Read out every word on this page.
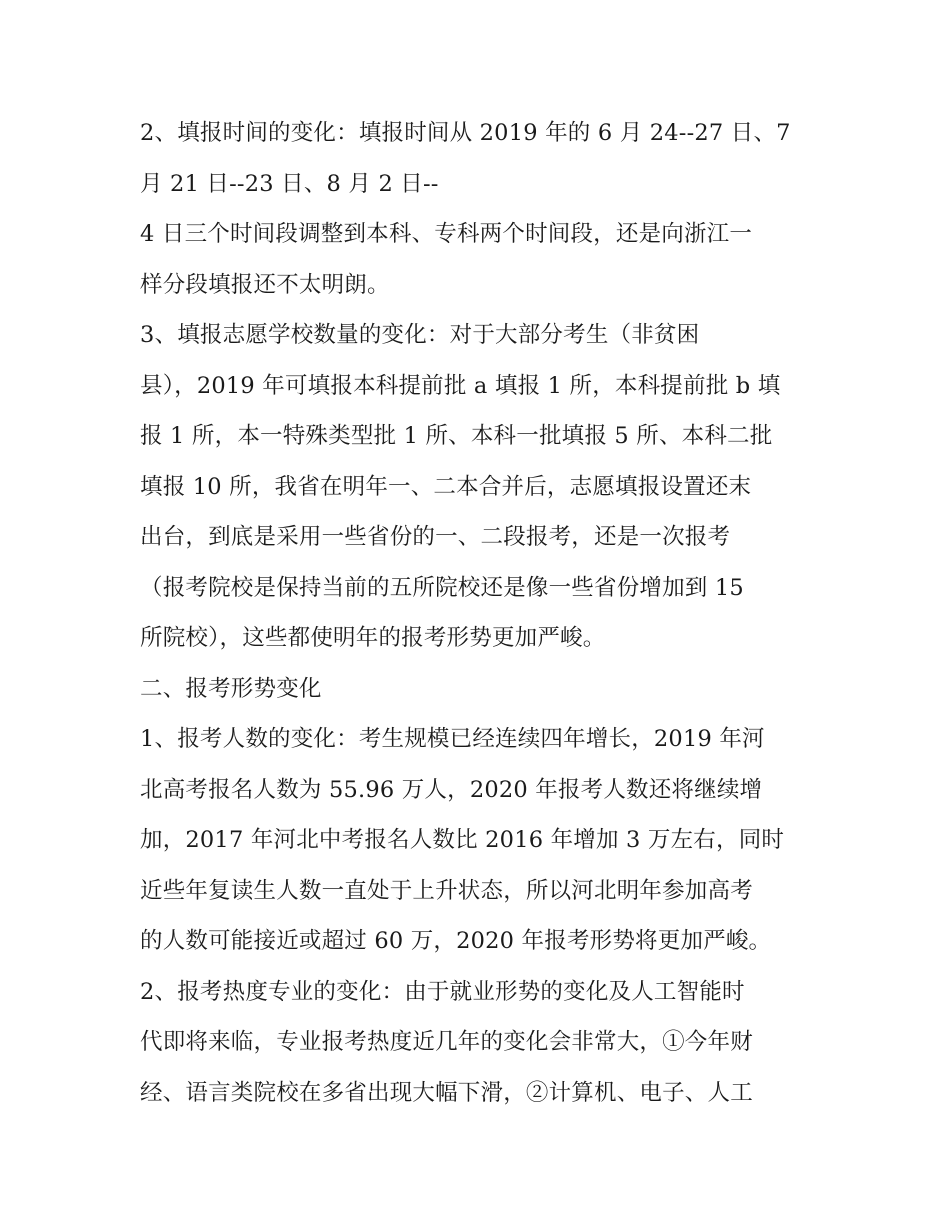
2、填报时间的变化：填报时间从 2019 年的 6 月 24--27 日、7
月 21 日--23 日、8 月 2 日--
4 日三个时间段调整到本科、专科两个时间段，还是向浙江一
样分段填报还不太明朗。
3、填报志愿学校数量的变化：对于大部分考生（非贫困
县），2019 年可填报本科提前批 a 填报 1 所，本科提前批 b 填
报 1 所，本一特殊类型批 1 所、本科一批填报 5 所、本科二批
填报 10 所，我省在明年一、二本合并后，志愿填报设置还末
出台，到底是采用一些省份的一、二段报考，还是一次报考
（报考院校是保持当前的五所院校还是像一些省份增加到 15
所院校），这些都使明年的报考形势更加严峻。
二、报考形势变化
1、报考人数的变化：考生规模已经连续四年增长，2019 年河
北高考报名人数为 55.96 万人，2020 年报考人数还将继续增
加，2017 年河北中考报名人数比 2016 年增加 3 万左右，同时
近些年复读生人数一直处于上升状态，所以河北明年参加高考
的人数可能接近或超过 60 万，2020 年报考形势将更加严峻。
2、报考热度专业的变化：由于就业形势的变化及人工智能时
代即将来临，专业报考热度近几年的变化会非常大，①今年财
经、语言类院校在多省出现大幅下滑，②计算机、电子、人工
